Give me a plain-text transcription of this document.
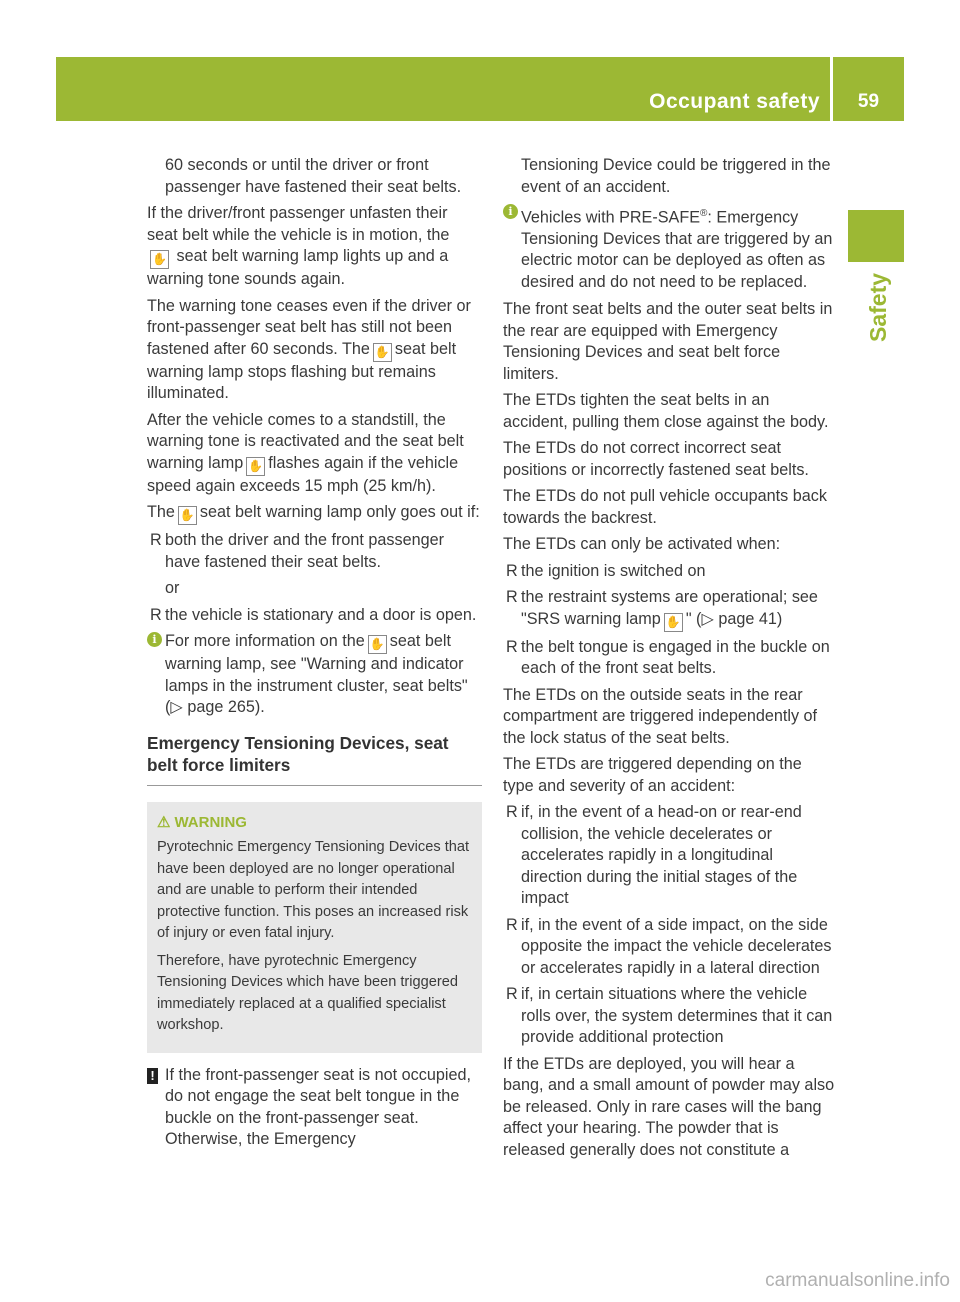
Occupant safety	59
Safety

60 seconds or until the driver or front passenger have fastened their seat belts.

If the driver/front passenger unfasten their seat belt while the vehicle is in motion, the
✋ seat belt warning lamp lights up and a warning tone sounds again.

The warning tone ceases even if the driver or front-passenger seat belt has still not been fastened after 60 seconds. The ✋ seat belt warning lamp stops flashing but remains illuminated.

After the vehicle comes to a standstill, the warning tone is reactivated and the seat belt warning lamp ✋ flashes again if the vehicle speed again exceeds 15 mph (25 km/h).

The ✋ seat belt warning lamp only goes out if:

R both the driver and the front passenger have fastened their seat belts.

or

R the vehicle is stationary and a door is open.
i For more information on the ✋ seat belt warning lamp, see "Warning and indicator lamps in the instrument cluster, seat belts" (▷ page 265).
Emergency Tensioning Devices, seat belt force limiters
⚠ WARNING

Pyrotechnic Emergency Tensioning Devices that have been deployed are no longer operational and are unable to perform their intended protective function. This poses an increased risk of injury or even fatal injury.

Therefore, have pyrotechnic Emergency Tensioning Devices which have been triggered immediately replaced at a qualified specialist workshop.

! If the front-passenger seat is not occupied, do not engage the seat belt tongue in the buckle on the front-passenger seat. Otherwise, the Emergency

Tensioning Device could be triggered in the event of an accident.

i Vehicles with PRE-SAFE®: Emergency Tensioning Devices that are triggered by an electric motor can be deployed as often as desired and do not need to be replaced.

The front seat belts and the outer seat belts in the rear are equipped with Emergency Tensioning Devices and seat belt force limiters.

The ETDs tighten the seat belts in an accident, pulling them close against the body.

The ETDs do not correct incorrect seat positions or incorrectly fastened seat belts.

The ETDs do not pull vehicle occupants back towards the backrest.

The ETDs can only be activated when:

R the ignition is switched on
R the restraint systems are operational; see "SRS warning lamp ✋ " (▷ page 41)
R the belt tongue is engaged in the buckle on each of the front seat belts.

The ETDs on the outside seats in the rear compartment are triggered independently of the lock status of the seat belts.

The ETDs are triggered depending on the type and severity of an accident:

R if, in the event of a head-on or rear-end collision, the vehicle decelerates or accelerates rapidly in a longitudinal direction during the initial stages of the impact
R if, in the event of a side impact, on the side opposite the impact the vehicle decelerates or accelerates rapidly in a lateral direction
R if, in certain situations where the vehicle rolls over, the system determines that it can provide additional protection

If the ETDs are deployed, you will hear a bang, and a small amount of powder may also be released. Only in rare cases will the bang affect your hearing. The powder that is released generally does not constitute a

carmanualsonline.info
